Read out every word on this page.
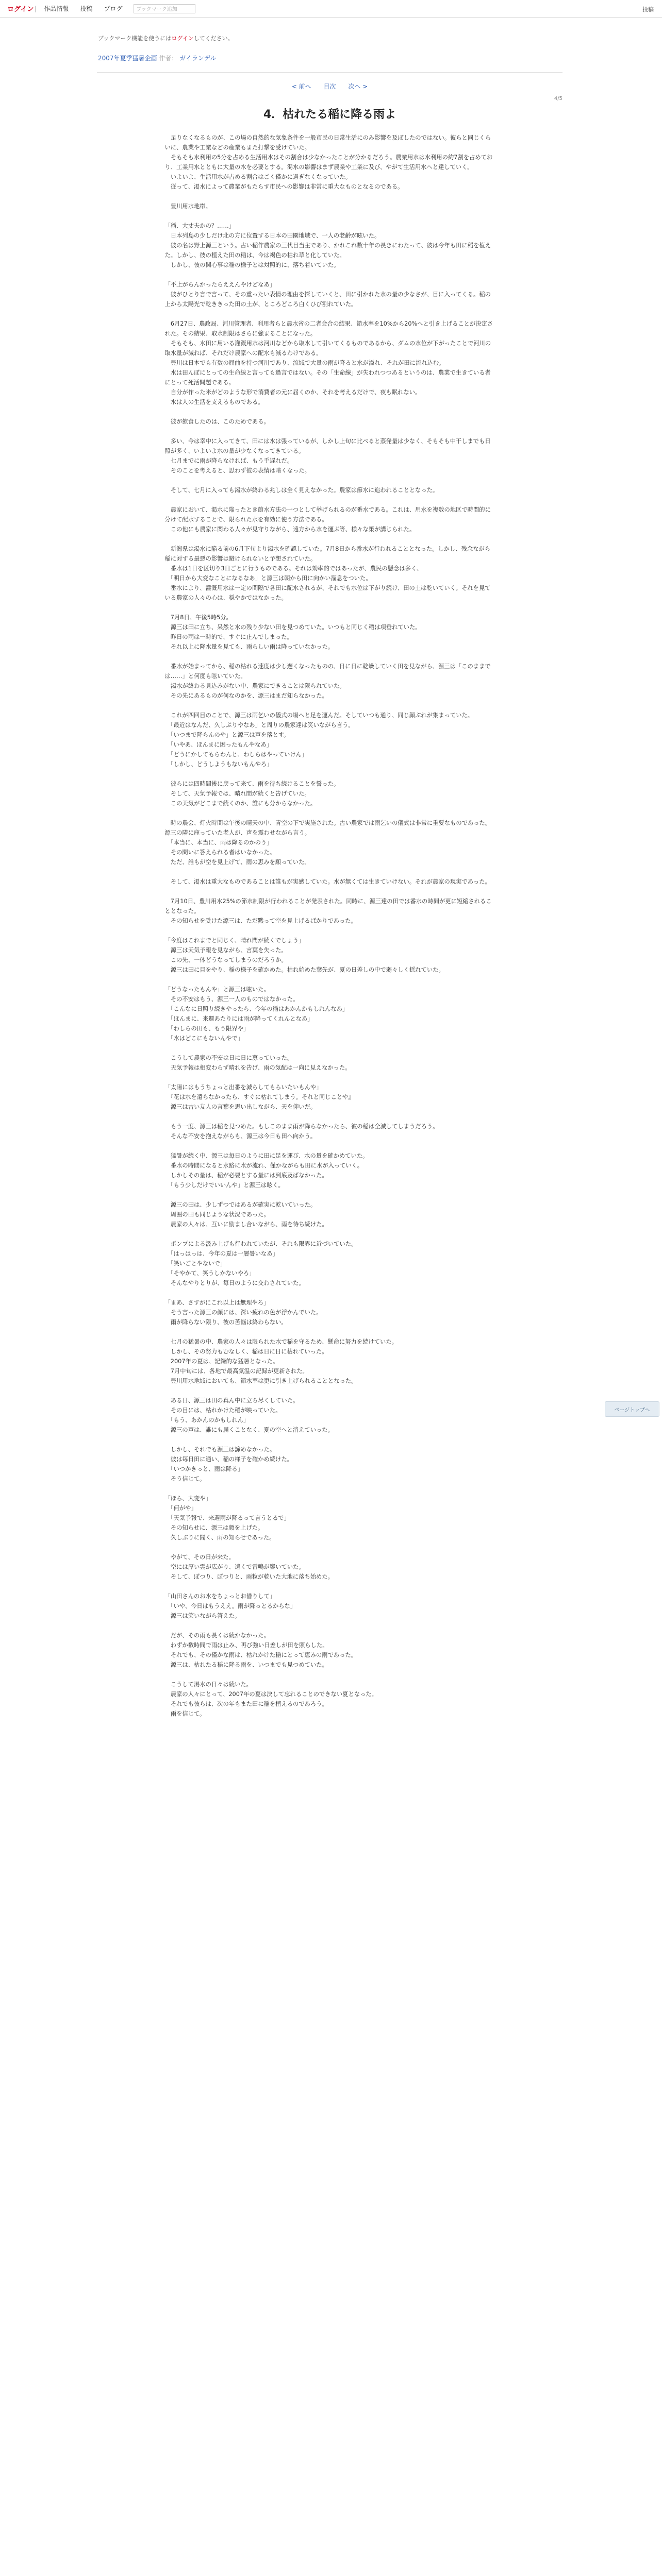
ログイン | 作品情報 投稿 ブログ	ブックマーク追加	投稿
ブックマーク機能を使うにはログインしてください。
2007年夏季猛暑企画 作者： ガイランデル
< 前へ 目次 次へ >
4/5
4．枯れたる稲に降る雨よ

　足りなくなるものが、この場の自然的な気象条件を一般市民の日常生活にのみ影響を及ぼしたのではない。彼らと同じくらいに、農業や工業などの産業もまた打撃を受けていた。
　そもそも水利用の5分を占める生活用水はその割合は少なかったことが分かるだろう。農業用水は水利用の約7割を占めており、工業用水とともに大量の水を必要とする。渇水の影響はまず農業や工業に及び、やがて生活用水へと達していく。
　いよいよ、生活用水が占める割合はごく僅かに過ぎなくなっていた。
　従って、渇水によって農業がもたらす市民への影響は非常に重大なものとなるのである。

　豊川用水地帯。

「稲、大丈夫かの？……」
　日本列島の少しだけ北の方に位置する日本の田園地域で、一人の老齢が呟いた。
　彼の名は野上源三という。古い稲作農家の三代目当主であり、かれこれ数十年の長きにわたって、彼は今年も田に稲を植えた。しかし、彼の植えた田の稲は、今は褐色の枯れ草と化していた。
　しかし、彼の関心事は稲の様子とは対照的に、落ち着いていた。

「不上がらんかったらええんやけどなあ」
　彼がひとり言で言って、その重ったい表情の理由を探していくと、田に引かれた水の量の少なさが、目に入ってくる。稲の上から太陽光で乾ききった田の土が、ところどころ白くひび割れていた。

　6月27日、農政局、河川管理者、利用者らと農水省の二者会合の結果、節水率を10%から20%へと引き上げることが決定された。その結果、取水制限はさらに強まることになった。
　そもそも、水田に用いる灌漑用水は河川などから取水して引いてくるものであるから、ダムの水位が下がったことで河川の取水量が減れば、それだけ農家への配水も減るわけである。
　豊川は日本でも有数の屈曲を持つ河川であり、流域で大量の雨が降ると水が溢れ、それが田に流れ込む。
　水は田んぼにとっての生命線と言っても過言ではない。その「生命線」が失われつつあるというのは、農業で生きている者にとって死活問題である。
　自分が作った米がどのような形で消費者の元に届くのか、それを考えるだけで、夜も眠れない。
　水は人の生活を支えるものである。

　彼が飲食したのは、このためである。

　多い、今は幸中に入ってきて、田には水は張っているが、しかし上旬に比べると蒸発量は少なく、そもそも中干しまでも日照が多く、いよいよ水の量が少なくなってきている。
　七月までに雨が降らなければ、もう手遅れだ。
　そのことを考えると、思わず彼の表情は暗くなった。

　そして、七月に入っても渇水が終わる兆しは全く見えなかった。農家は節水に追われることとなった。

　農家において、渇水に陥ったとき節水方法の一つとして挙げられるのが番水である。これは、用水を複数の地区で時間的に分けて配水することで、限られた水を有効に使う方法である。
　この他にも農家に関わる人々が見守りながら、遠方から水を運ぶ等、様々な策が講じられた。

　新潟県は渇水に陥る前の6月下旬より渇水を確認していた。7月8日から番水が行われることとなった。しかし、残念ながら稲に対する最悪の影響は避けられないと予想されていた。
　番水は1日を区切り3日ごとに行うものである。それは効率的ではあったが、農民の懸念は多く、
　「明日から大変なことになるなあ」と源三は朝から田に向かい溜息をついた。
　番水により、灌漑用水は一定の間隔で各田に配水されるが、それでも水位は下がり続け、田の土は乾いていく。それを見ている農家の人々の心は、穏やかではなかった。

　7月8日、午後5時5分。
　源三は田に立ち、呆然と水の残り少ない田を見つめていた。いつもと同じく稲は項垂れていた。
　昨日の雨は一時的で、すぐに止んでしまった。
　それ以上に降水量を見ても、雨らしい雨は降っていなかった。

　番水が始まってから、稲の枯れる速度は少し遅くなったものの、日に日に乾燥していく田を見ながら、源三は「このままでは……」と何度も呟いていた。
　渇水が終わる見込みがない中、農家にできることは限られていた。
　その先にあるものが何なのかを、源三はまだ知らなかった。

　これが四回目のことで、源三は雨乞いの儀式の場へと足を運んだ。そしていつも通り、同じ顔ぶれが集まっていた。
　「最近はなんだ、久しぶりやなあ」と周りの農家達は笑いながら言う。
　「いつまで降らんのや」と源三は声を落とす。
　「いやあ、ほんまに困ったもんやなあ」
　「どうにかしてもらわんと、わしらはやっていけん」
　「しかし、どうしようもないもんやろ」

　彼らには四時間後に戻って来て、雨を待ち続けることを誓った。
　そして、天気予報では、晴れ間が続くと告げていた。
　この天気がどこまで続くのか、誰にも分からなかった。

　時の農会、灯火時間は午後の晴天の中、青空の下で実施された。古い農家では雨乞いの儀式は非常に重要なものであった。源三の隣に座っていた老人が、声を震わせながら言う。
　「本当に、本当に、雨は降るのかのう」
　その問いに答えられる者はいなかった。
　ただ、誰もが空を見上げて、雨の恵みを願っていた。

　そして、渇水は重大なものであることは誰もが実感していた。水が無くては生きていけない。それが農家の現実であった。

　7月10日、豊川用水25%の節水制限が行われることが発表された。同時に、源三達の田では番水の時間が更に短縮されることとなった。
　その知らせを受けた源三は、ただ黙って空を見上げるばかりであった。

「今度はこれまでと同じく、晴れ間が続くでしょう」
　源三は天気予報を見ながら、言葉を失った。
　この先、一体どうなってしまうのだろうか。
　源三は田に目をやり、稲の様子を確かめた。枯れ始めた葉先が、夏の日差しの中で弱々しく揺れていた。

「どうなったもんや」と源三は呟いた。
　その不安はもう、源三一人のものではなかった。
　「こんなに日照り続きやったら、今年の稲はあかんかもしれんなあ」
　「ほんまに、来週あたりには雨が降ってくれんとなあ」
　「わしらの田も、もう限界や」
　「水はどこにもないんやで」

　こうして農家の不安は日に日に募っていった。
　天気予報は相変わらず晴れを告げ、雨の気配は一向に見えなかった。

「太陽にはもうちょっと出番を減らしてもらいたいもんや」
　『花は水を遣らなかったら、すぐに枯れてしまう。それと同じことや』
　源三は古い友人の言葉を思い出しながら、天を仰いだ。

　もう一度、源三は稲を見つめた。もしこのまま雨が降らなかったら、彼の稲は全滅してしまうだろう。
　そんな不安を抱えながらも、源三は今日も田へ向かう。

　猛暑が続く中、源三は毎日のように田に足を運び、水の量を確かめていた。
　番水の時間になると水路に水が流れ、僅かながらも田に水が入っていく。
　しかしその量は、稲が必要とする量には到底及ばなかった。
　「もう少しだけでいいんや」と源三は呟く。

　源三の田は、少しずつではあるが確実に乾いていった。
　周囲の田も同じような状況であった。
　農家の人々は、互いに励まし合いながら、雨を待ち続けた。

　ポンプによる汲み上げも行われていたが、それも限界に近づいていた。
　「はっはっは、今年の夏は一層暑いなあ」
　「笑いごとやないで」
　「そやかて、笑うしかないやろ」
　そんなやりとりが、毎日のように交わされていた。

「まあ、さすがにこれ以上は無理やろ」
　そう言った源三の顔には、深い疲れの色が浮かんでいた。
　雨が降らない限り、彼の苦悩は終わらない。

　七月の猛暑の中、農家の人々は限られた水で稲を守るため、懸命に努力を続けていた。
　しかし、その努力もむなしく、稲は日に日に枯れていった。
　2007年の夏は、記録的な猛暑となった。
　7月中旬には、各地で最高気温の記録が更新された。
　豊川用水地域においても、節水率は更に引き上げられることとなった。

　ある日、源三は田の真ん中に立ち尽くしていた。
　その目には、枯れかけた稲が映っていた。
　「もう、あかんのかもしれん」
　源三の声は、誰にも届くことなく、夏の空へと消えていった。

　しかし、それでも源三は諦めなかった。
　彼は毎日田に通い、稲の様子を確かめ続けた。
　「いつかきっと、雨は降る」
　そう信じて。

「ほら、大変や」
　「何がや」
　「天気予報で、来週雨が降るって言うとるで」
　その知らせに、源三は顔を上げた。
　久しぶりに聞く、雨の知らせであった。

　やがて、その日が来た。
　空には厚い雲が広がり、遠くで雷鳴が響いていた。
　そして、ぽつり、ぽつりと、雨粒が乾いた大地に落ち始めた。

「山田さんのお水をちょっとお借りして」
　「いや、今日はもうええ。雨が降っとるからな」
　源三は笑いながら答えた。

　だが、その雨も長くは続かなかった。
　わずか数時間で雨は止み、再び強い日差しが田を照らした。
　それでも、その僅かな雨は、枯れかけた稲にとって恵みの雨であった。
　源三は、枯れたる稲に降る雨を、いつまでも見つめていた。

　こうして渇水の日々は続いた。
　農家の人々にとって、2007年の夏は決して忘れることのできない夏となった。
　それでも彼らは、次の年もまた田に稲を植えるのであろう。
　雨を信じて。

ページトップへ
